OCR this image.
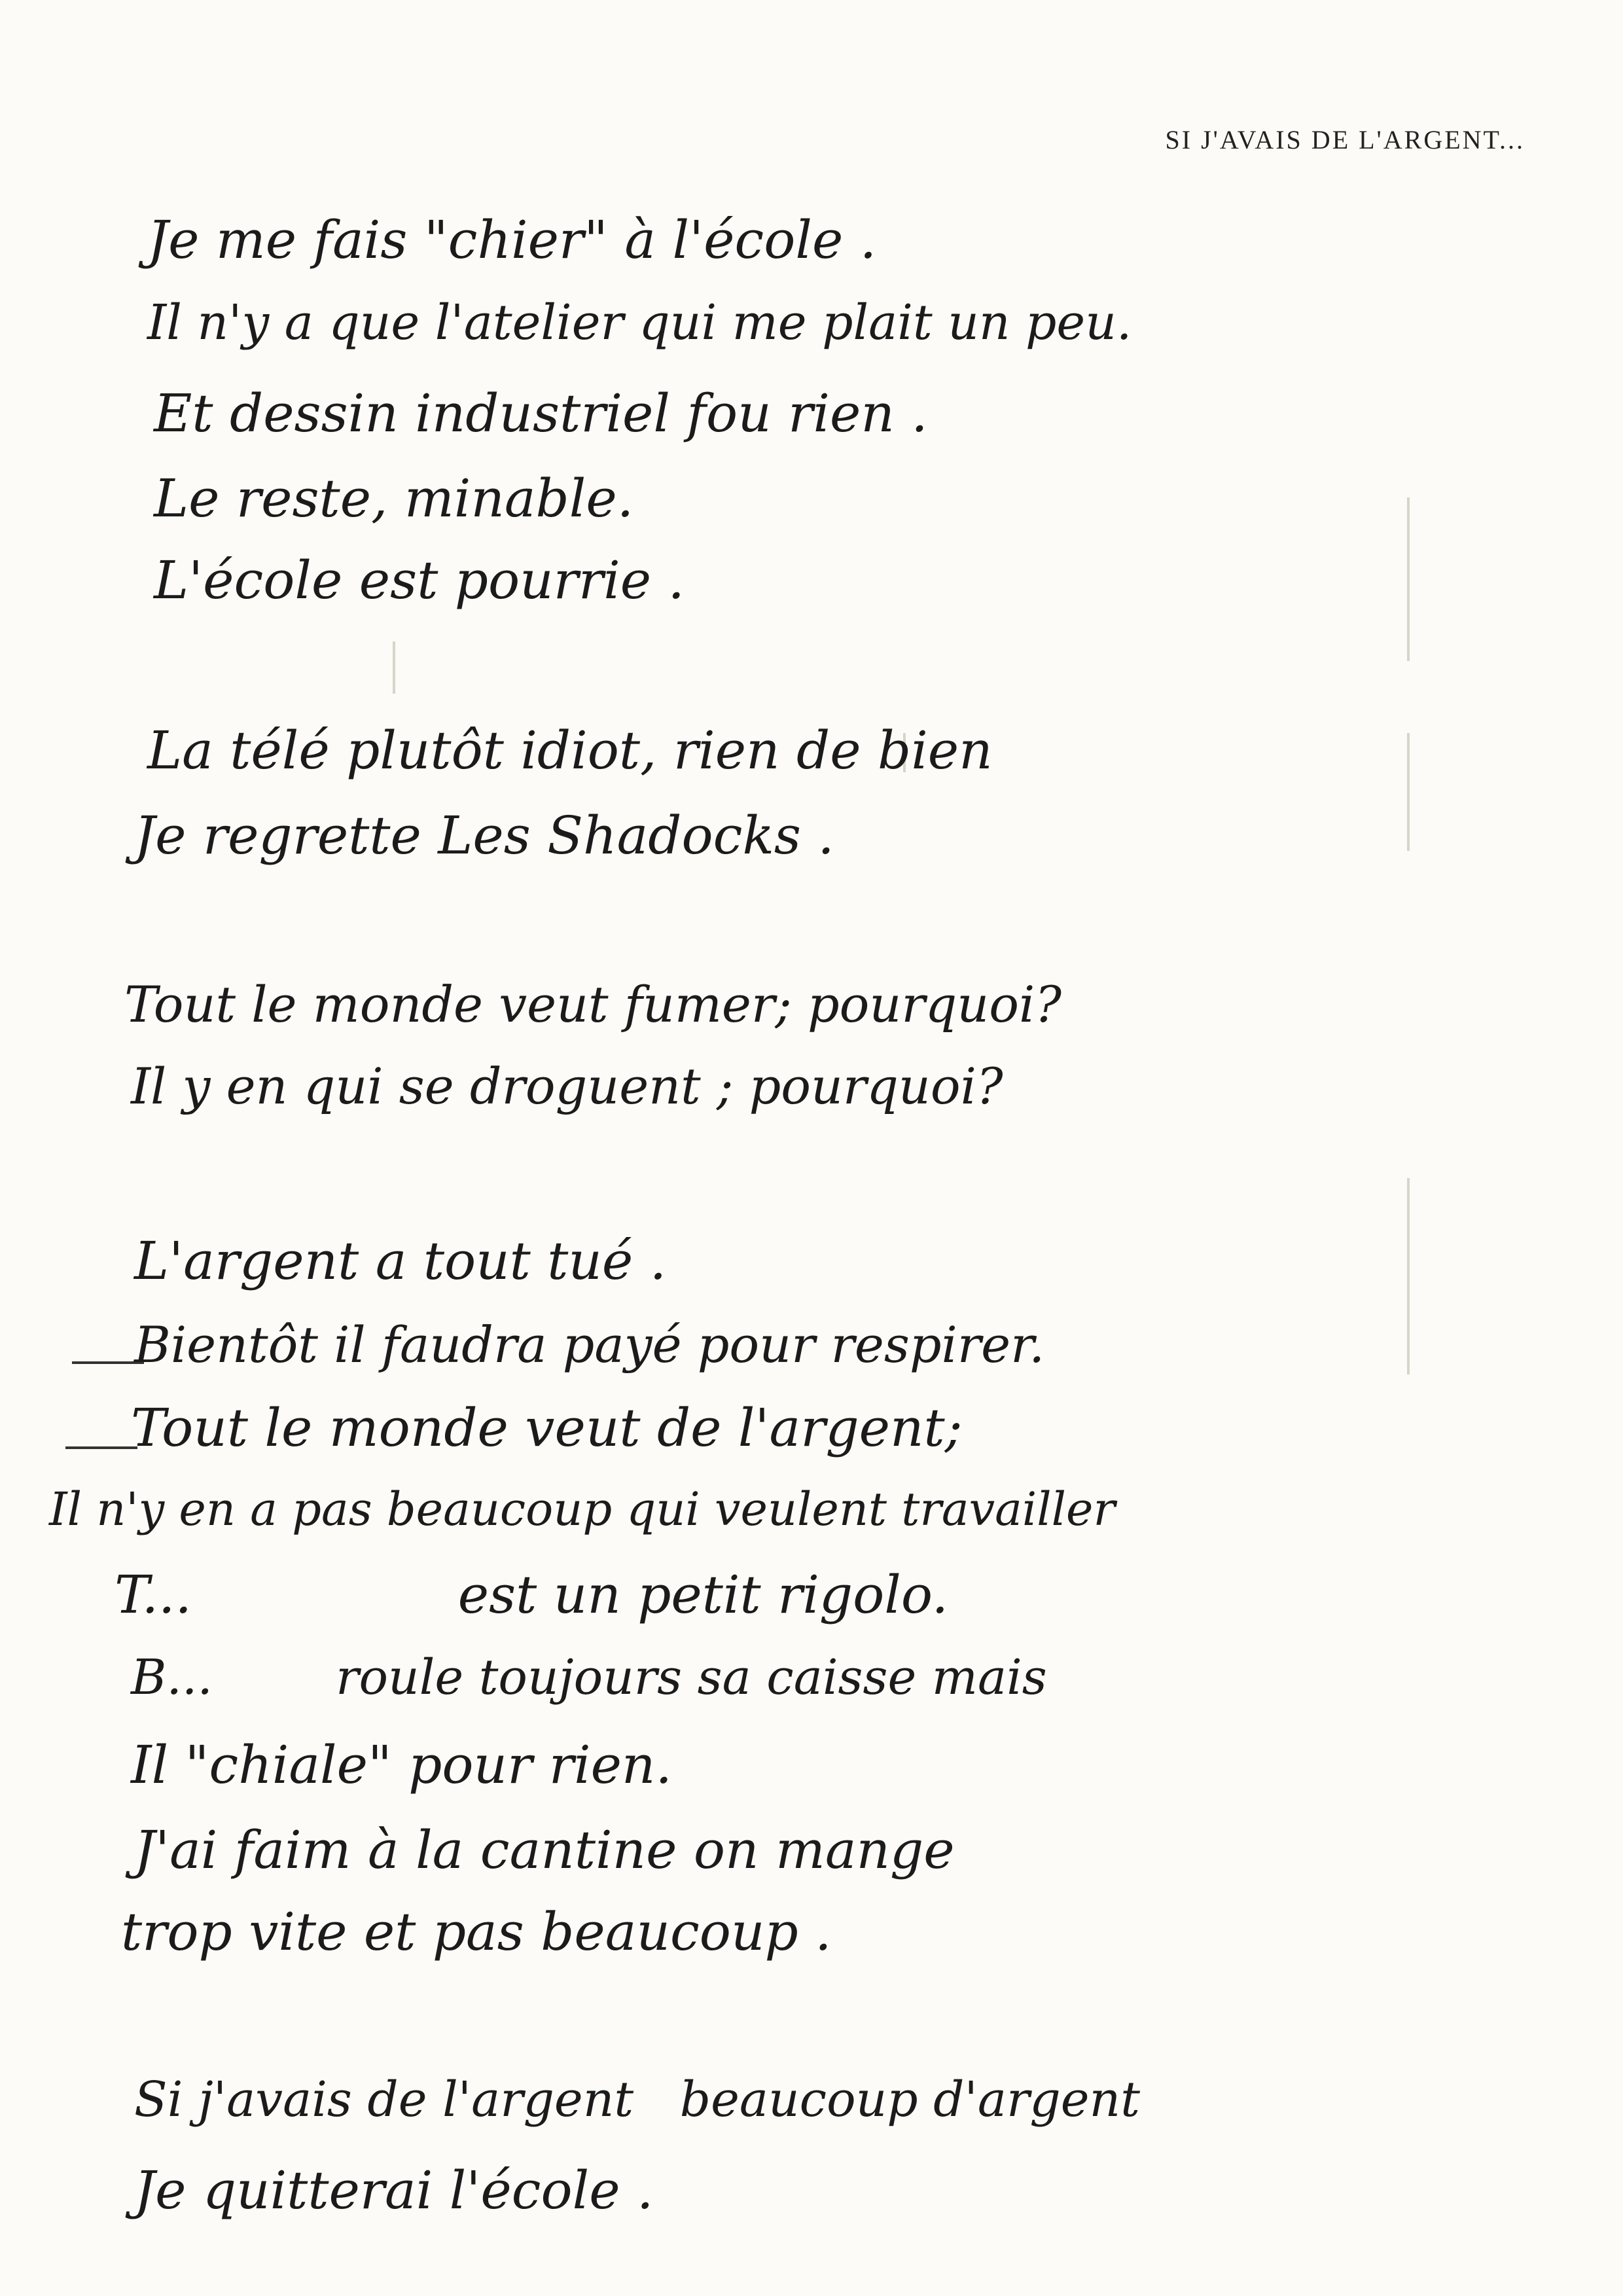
SI J'AVAIS DE L'ARGENT...
Je me fais "chier" à l'école .
Il n'y a que l'atelier qui me plait un peu.
Et dessin industriel fou rien .
Le reste, minable.
L'école est pourrie .
La télé plutôt idiot, rien de bien
Je regrette Les Shadocks .
Tout le monde veut fumer; pourquoi?
Il y en qui se droguent ; pourquoi?
L'argent a tout tué .
Bientôt il faudra payé pour respirer.
Tout le monde veut de l'argent;
Il n'y en a pas beaucoup qui veulent travailler
T...                est un petit rigolo.
B...        roule toujours sa caisse mais
Il "chiale" pour rien.
J'ai faim à la cantine on mange
trop vite et pas beaucoup .
Si j'avais de l'argent   beaucoup d'argent
Je quitterai l'école .
